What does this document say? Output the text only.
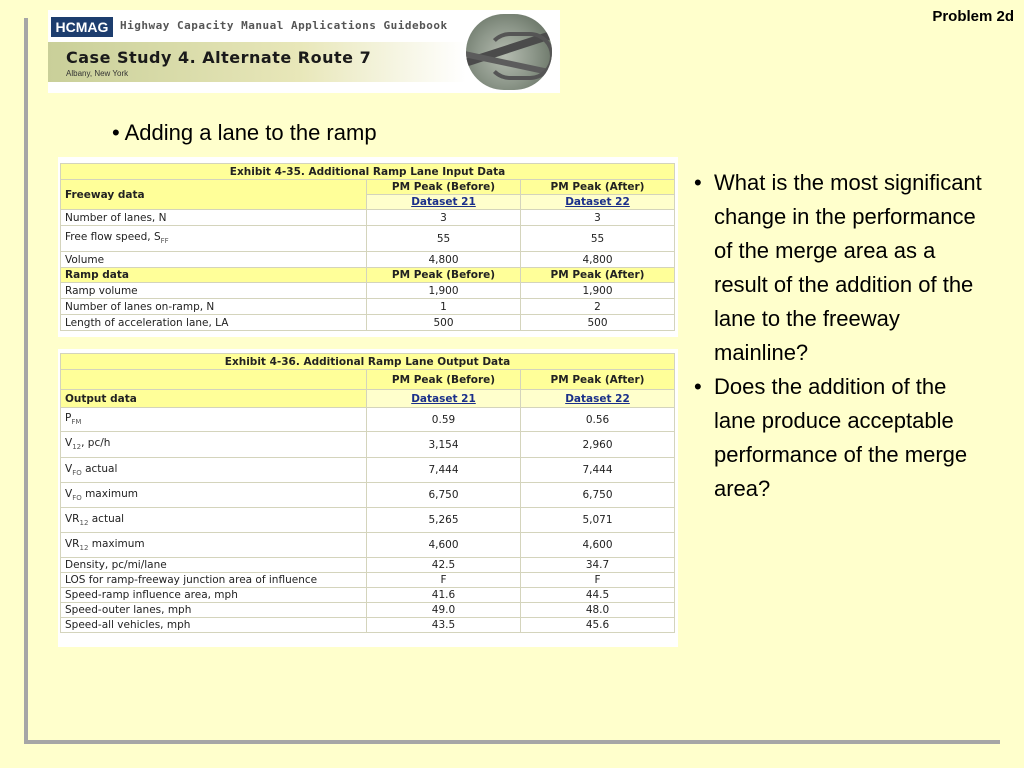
Problem 2d
HCMAG	Highway Capacity Manual Applications Guidebook
Case Study 4. Alternate Route 7
Albany, New York
• Adding a lane to the ramp
Exhibit 4-35. Additional Ramp Lane Input Data		
Freeway data	PM Peak (Before)	PM Peak (After)
	Dataset 21	Dataset 22
Number of lanes, N	3	3
Free flow speed, $S_{FF}$	55	55
Volume	4,800	4,800
Ramp data	PM Peak (Before)	PM Peak (After)
Ramp volume	1,900	1,900
Number of lanes on-ramp, N	1	2
Length of acceleration lane, LA	500	500
Exhibit 4-36. Additional Ramp Lane Output Data		
	PM Peak (Before)	PM Peak (After)
Output data	Dataset 21	Dataset 22
$P_{FM}$	0.59	0.56
$V_{12}$, pc/h	3,154	2,960
$V_{FO}$ actual	7,444	7,444
$V_{FO}$ maximum	6,750	6,750
$VR_{12}$ actual	5,265	5,071
$VR_{12}$ maximum	4,600	4,600
Density, pc/mi/lane	42.5	34.7
LOS for ramp-freeway junction area of influence	F	F
Speed-ramp influence area, mph	41.6	44.5
Speed-outer lanes, mph	49.0	48.0
Speed-all vehicles, mph	43.5	45.6
• What is the most significant change in the performance of the merge area as a result of the addition of the lane to the freeway mainline?
• Does the addition of the lane produce acceptable performance of the merge area?
